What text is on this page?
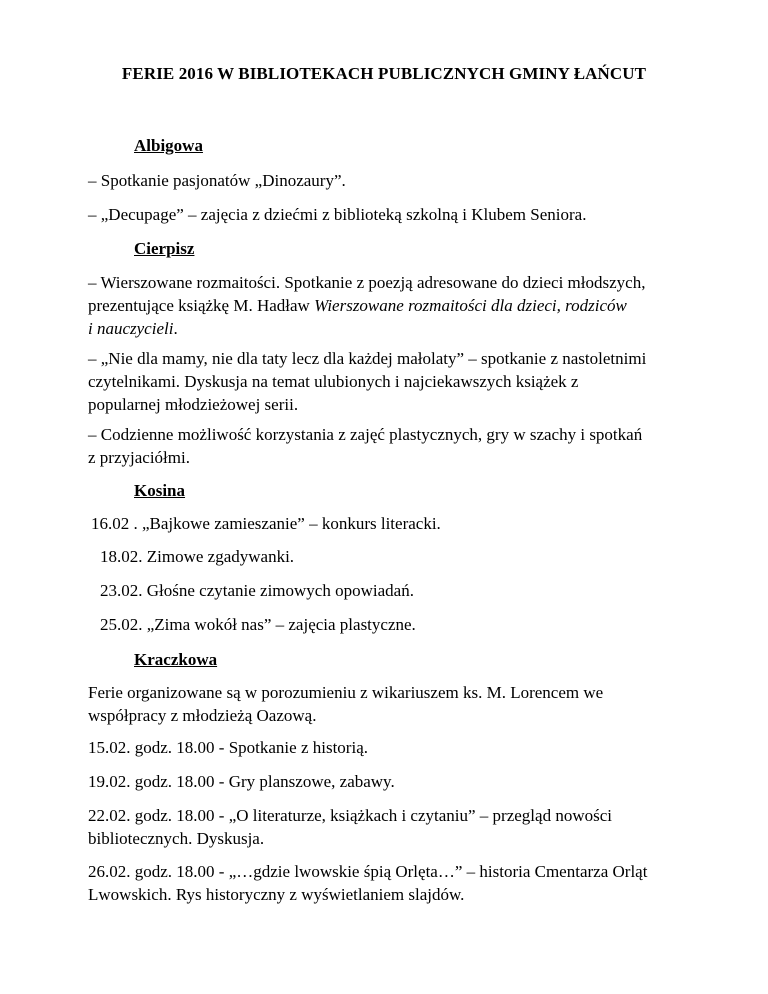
FERIE 2016 W BIBLIOTEKACH PUBLICZNYCH GMINY ŁAŃCUT

Albigowa

– Spotkanie pasjonatów „Dinozaury”.

– „Decupage” – zajęcia z dziećmi z biblioteką szkolną i Klubem Seniora.

Cierpisz

– Wierszowane rozmaitości. Spotkanie z poezją adresowane do dzieci młodszych,

prezentujące książkę M. Hadław Wierszowane rozmaitości dla dzieci, rodziców

i nauczycieli.

– „Nie dla mamy, nie dla taty lecz dla każdej małolaty” – spotkanie z nastoletnimi

czytelnikami. Dyskusja na temat ulubionych i najciekawszych książek z

popularnej młodzieżowej serii.

– Codzienne możliwość korzystania z zajęć plastycznych, gry w szachy i spotkań

z przyjaciółmi.

Kosina

16.02 . „Bajkowe zamieszanie” – konkurs literacki.

18.02. Zimowe zgadywanki.

23.02. Głośne czytanie zimowych opowiadań.

25.02. „Zima wokół nas” – zajęcia plastyczne.

Kraczkowa

Ferie organizowane są w porozumieniu z wikariuszem ks. M. Lorencem we

współpracy z młodzieżą Oazową.

15.02. godz. 18.00 - Spotkanie z historią.

19.02. godz. 18.00 - Gry planszowe, zabawy.

22.02. godz. 18.00 - „O literaturze, książkach i czytaniu” – przegląd nowości

bibliotecznych. Dyskusja.

26.02. godz. 18.00 - „…gdzie lwowskie śpią Orlęta…” – historia Cmentarza Orląt

Lwowskich. Rys historyczny z wyświetlaniem slajdów.
